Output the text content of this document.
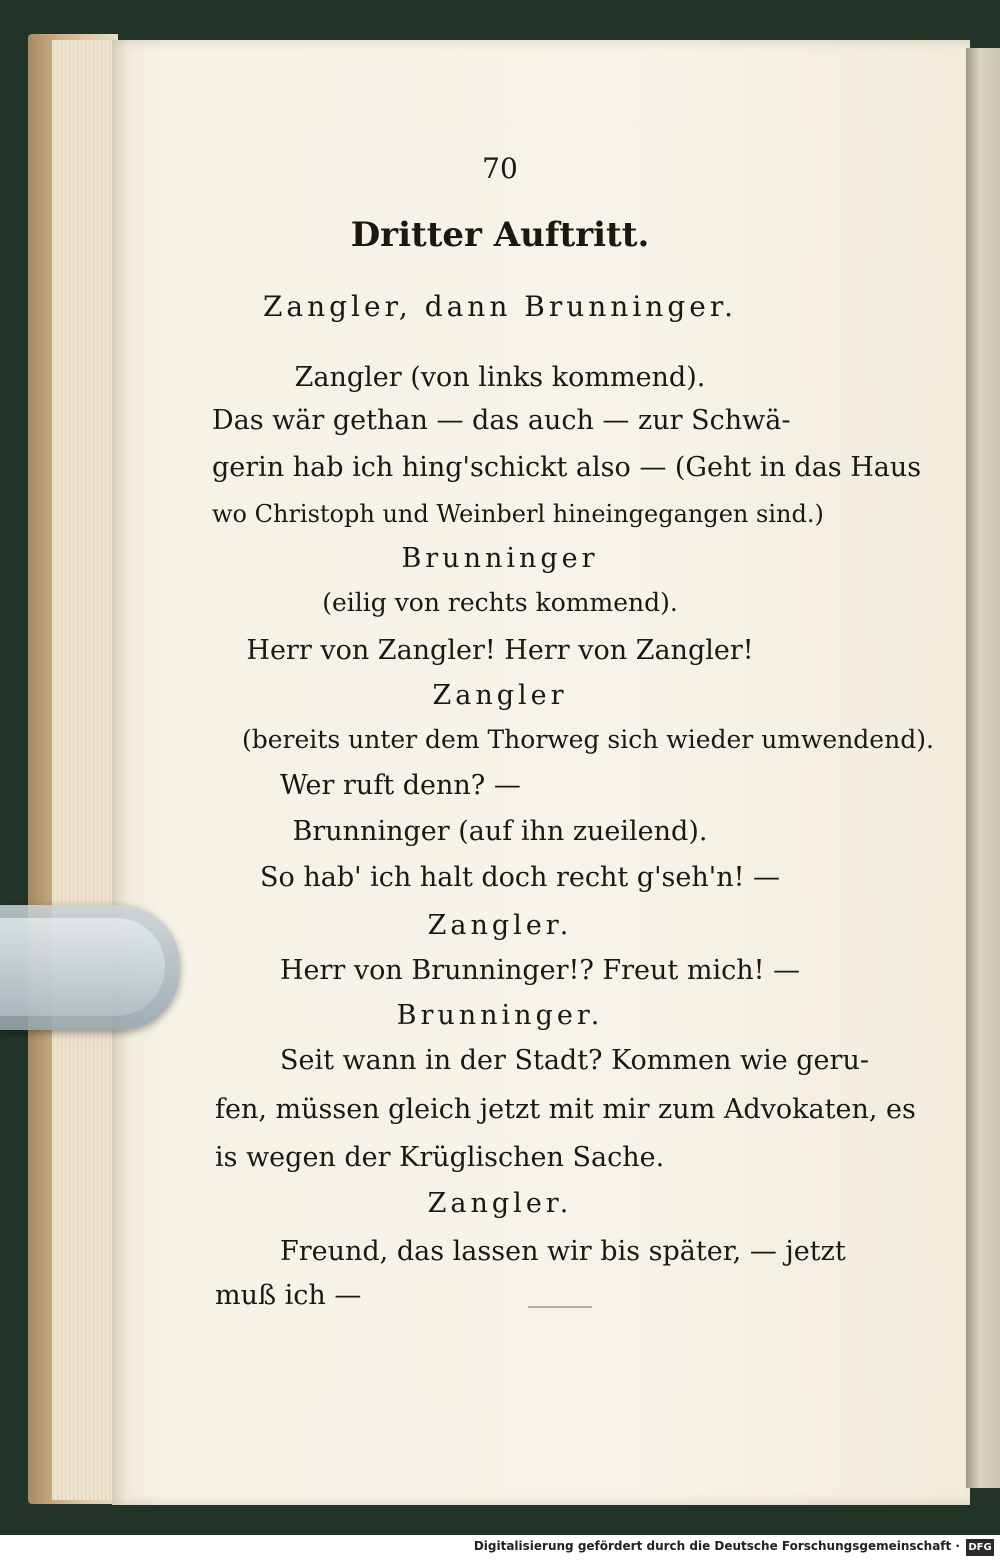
70
Dritter Auftritt.
Zangler, dann Brunninger.
Zangler (von links kommend).
Das wär gethan — das auch — zur Schwä-
gerin hab ich hing'schickt also — (Geht in das Haus
wo Christoph und Weinberl hineingegangen sind.)
Brunninger
(eilig von rechts kommend).
Herr von Zangler! Herr von Zangler!
Zangler
(bereits unter dem Thorweg sich wieder umwendend).
Wer ruft denn? —
Brunninger (auf ihn zueilend).
So hab' ich halt doch recht g'seh'n! —
Zangler.
Herr von Brunninger!? Freut mich! —
Brunninger.
Seit wann in der Stadt? Kommen wie geru-
fen, müssen gleich jetzt mit mir zum Advokaten, es
is wegen der Krüglischen Sache.
Zangler.
Freund, das lassen wir bis später, — jetzt
muß ich —
Digitalisierung gefördert durch die Deutsche Forschungsgemeinschaft · DFG
